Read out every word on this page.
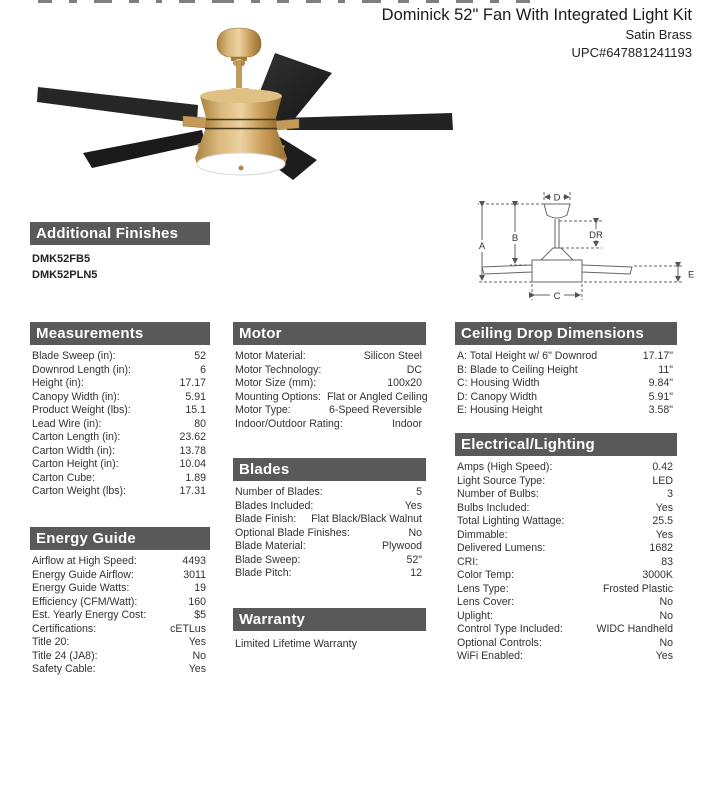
Dominick 52" Fan With Integrated Light Kit
Satin Brass
UPC#647881241193
D
A
B	DR
C
E
Additional Finishes
DMK52FB5
DMK52PLN5
Measurements
Blade Sweep (in):	52
Downrod Length (in):	6
Height (in):	17.17
Canopy Width (in):	5.91
Product Weight (lbs):	15.1
Lead Wire (in):	80
Carton Length (in):	23.62
Carton Width (in):	13.78
Carton Height (in):	10.04
Carton Cube:	1.89
Carton Weight (lbs):	17.31
Energy Guide
Airflow at High Speed:	4493
Energy Guide Airflow:	3011
Energy Guide Watts:	19
Efficiency (CFM/Watt):	160
Est. Yearly Energy Cost:	$5
Certifications:	cETLus
Title 20:	Yes
Title 24 (JA8):	No
Safety Cable:	Yes
Motor
Motor Material:	Silicon Steel
Motor Technology:	DC
Motor Size (mm):	100x20
Mounting Options: Flat or Angled Ceiling
Motor Type:	6-Speed Reversible
Indoor/Outdoor Rating:	Indoor
Blades
Number of Blades:	5
Blades Included:	Yes
Blade Finish:	Flat Black/Black Walnut
Optional Blade Finishes:	No
Blade Material:	Plywood
Blade Sweep:	52"
Blade Pitch:	12
Warranty
Limited Lifetime Warranty
Ceiling Drop Dimensions
A: Total Height w/ 6" Downrod	17.17"
B: Blade to Ceiling Height	11"
C: Housing Width	9.84"
D: Canopy Width	5.91"
E: Housing Height	3.58"
Electrical/Lighting
Amps (High Speed):	0.42
Light Source Type:	LED
Number of Bulbs:	3
Bulbs Included:	Yes
Total Lighting Wattage:	25.5
Dimmable:	Yes
Delivered Lumens:	1682
CRI:	83
Color Temp:	3000K
Lens Type:	Frosted Plastic
Lens Cover:	No
Uplight:	No
Control Type Included:	WIDC Handheld
Optional Controls:	No
WiFi Enabled:	Yes
